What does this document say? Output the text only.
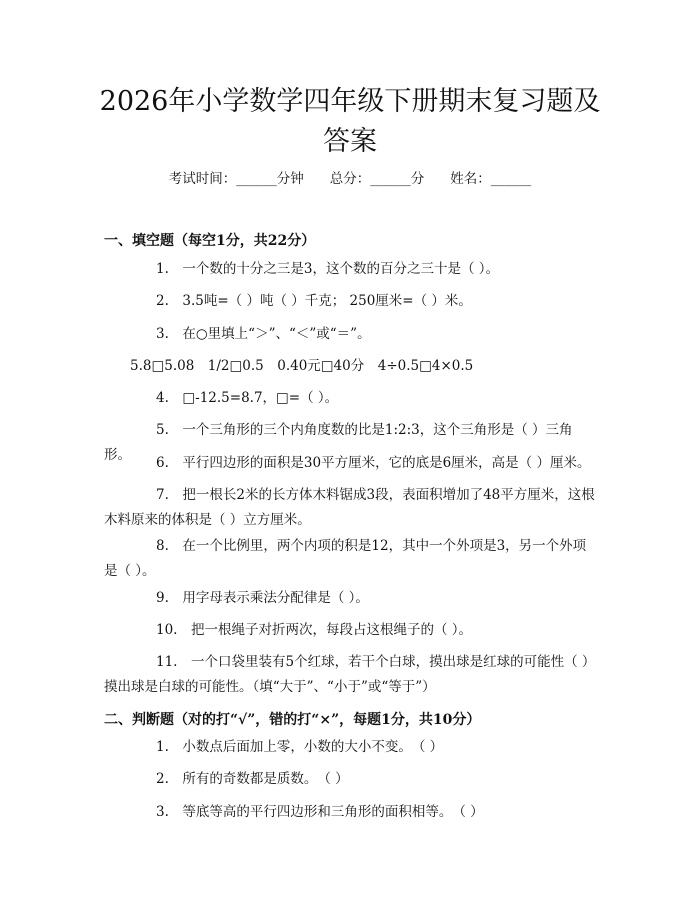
2026年小学数学四年级下册期末复习题及答案
考试时间：______分钟 总分：______分 姓名：______
一、填空题（每空1分，共22分）
1.　 一个数的十分之三是3，这个数的百分之三十是（ ）。
2.　 3.5吨=（ ）吨（ ）千克； 250厘米=（ ）米。
3.　 在○里填上“＞”、“＜”或“＝”。
5.8□5.08　1/2□0.5　0.40元□40分　4÷0.5□4×0.5
4.　 □-12.5=8.7，□=（ ）。
5.　 一个三角形的三个内角度数的比是1:2:3，这个三角形是（ ）三角形。	6.　 平行四边形的面积是30平方厘米，它的底是6厘米，高是（ ）厘米。
7.　 把一根长2米的长方体木料锯成3段，表面积增加了48平方厘米，这根木料原来的体积是（ ）立方厘米。
8.　 在一个比例里，两个内项的积是12，其中一个外项是3，另一个外项是（ ）。
9.　 用字母表示乘法分配律是（ ）。
10.　 把一根绳子对折两次，每段占这根绳子的（ ）。
11.　 一个口袋里装有5个红球，若干个白球，摸出球是红球的可能性（ ）摸出球是白球的可能性。（填“大于”、“小于”或“等于”）
二、判断题（对的打“√”，错的打“×”，每题1分，共10分）
1.　 小数点后面加上零，小数的大小不变。　（ ）
2.　 所有的奇数都是质数。　（ ）
3.　 等底等高的平行四边形和三角形的面积相等。　（ ）
